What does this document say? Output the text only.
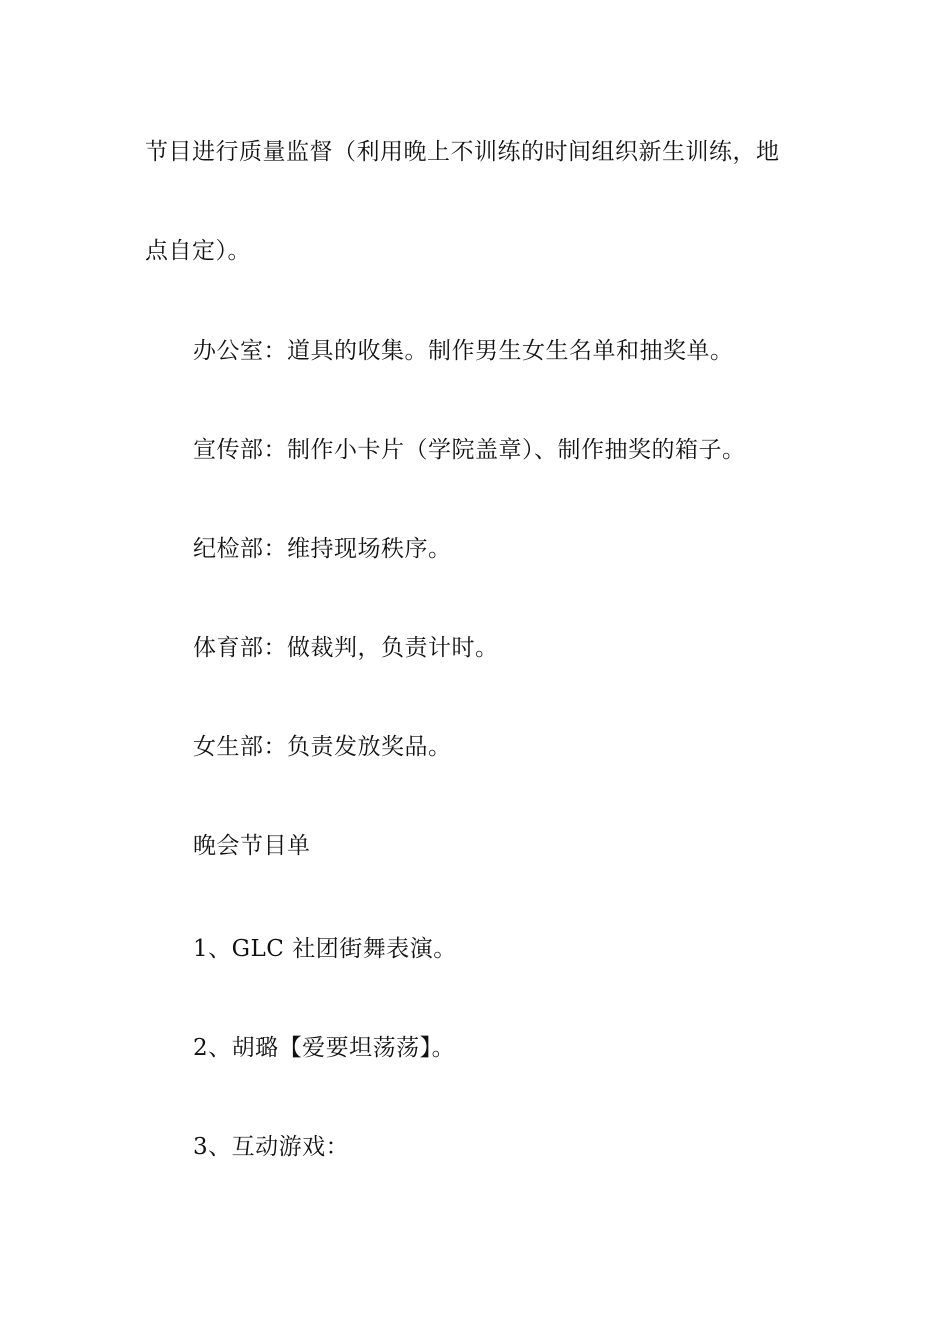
节目进行质量监督（利用晚上不训练的时间组织新生训练，地
点自定）。
办公室：道具的收集。制作男生女生名单和抽奖单。
宣传部：制作小卡片（学院盖章）、制作抽奖的箱子。
纪检部：维持现场秩序。
体育部：做裁判，负责计时。
女生部：负责发放奖品。
晚会节目单
1、GLC 社团街舞表演。
2、胡璐【爱要坦荡荡】。
3、互动游戏：
